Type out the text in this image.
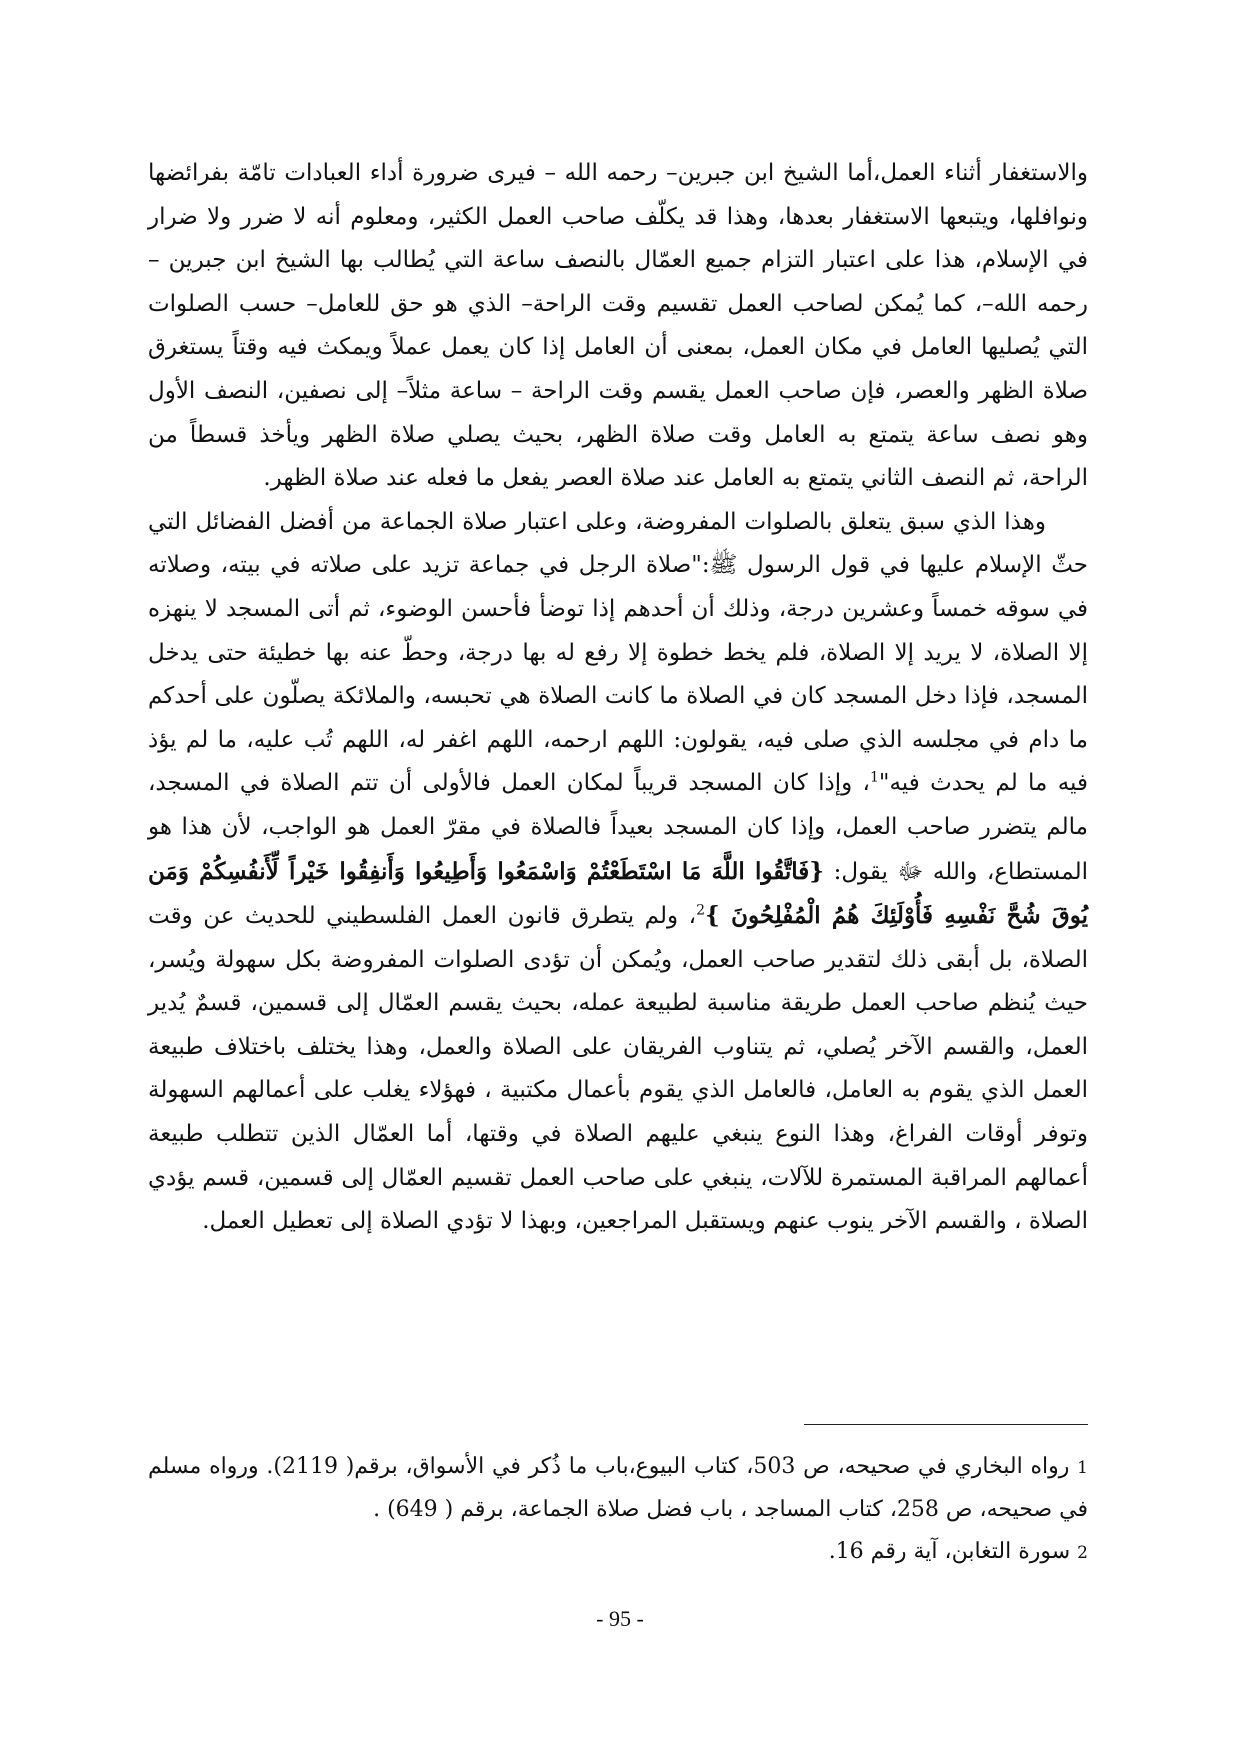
والاستغفار أثناء العمل،أما الشيخ ابن جبرين– رحمه الله – فيرى ضرورة أداء العبادات تامّة بفرائضها ونوافلها، ويتبعها الاستغفار بعدها، وهذا قد يكلّف صاحب العمل الكثير، ومعلوم أنه لا ضرر ولا ضرار في الإسلام، هذا على اعتبار التزام جميع العمّال بالنصف ساعة التي يُطالب بها الشيخ ابن جبرين –رحمه الله–، كما يُمكن لصاحب العمل تقسيم وقت الراحة– الذي هو حق للعامل– حسب الصلوات التي يُصليها العامل في مكان العمل، بمعنى أن العامل إذا كان يعمل عملاً ويمكث فيه وقتاً يستغرق صلاة الظهر والعصر، فإن صاحب العمل يقسم وقت الراحة – ساعة مثلاً– إلى نصفين، النصف الأول وهو نصف ساعة يتمتع به العامل وقت صلاة الظهر، بحيث يصلي صلاة الظهر ويأخذ قسطاً من الراحة، ثم النصف الثاني يتمتع به العامل عند صلاة العصر يفعل ما فعله عند صلاة الظهر.

وهذا الذي سبق يتعلق بالصلوات المفروضة، وعلى اعتبار صلاة الجماعة من أفضل الفضائل التي حثّ الإسلام عليها في قول الرسول ﷺ:"صلاة الرجل في جماعة تزيد على صلاته في بيته، وصلاته في سوقه خمساً وعشرين درجة، وذلك أن أحدهم إذا توضأ فأحسن الوضوء، ثم أتى المسجد لا ينهزه إلا الصلاة، لا يريد إلا الصلاة، فلم يخط خطوة إلا رفع له بها درجة، وحطّ عنه بها خطيئة حتى يدخل المسجد، فإذا دخل المسجد كان في الصلاة ما كانت الصلاة هي تحبسه، والملائكة يصلّون على أحدكم ما دام في مجلسه الذي صلى فيه، يقولون: اللهم ارحمه، اللهم اغفر له، اللهم تُب عليه، ما لم يؤذ فيه ما لم يحدث فيه"$^1$، وإذا كان المسجد قريباً لمكان العمل فالأولى أن تتم الصلاة في المسجد، مالم يتضرر صاحب العمل، وإذا كان المسجد بعيداً فالصلاة في مقرّ العمل هو الواجب، لأن هذا هو المستطاع، والله ﷻ يقول: {فَاتَّقُوا اللَّهَ مَا اسْتَطَعْتُمْ وَاسْمَعُوا وَأَطِيعُوا وَأَنفِقُوا خَيْراً لِّأَنفُسِكُمْ وَمَن يُوقَ شُحَّ نَفْسِهِ فَأُوْلَئِكَ هُمُ الْمُفْلِحُونَ }$^2$، ولم يتطرق قانون العمل الفلسطيني للحديث عن وقت الصلاة، بل أبقى ذلك لتقدير صاحب العمل، ويُمكن أن تؤدى الصلوات المفروضة بكل سهولة ويُسر، حيث يُنظم صاحب العمل طريقة مناسبة لطبيعة عمله، بحيث يقسم العمّال إلى قسمين، قسمٌ يُدير العمل، والقسم الآخر يُصلي، ثم يتناوب الفريقان على الصلاة والعمل، وهذا يختلف باختلاف طبيعة العمل الذي يقوم به العامل، فالعامل الذي يقوم بأعمال مكتبية ، فهؤلاء يغلب على أعمالهم السهولة وتوفر أوقات الفراغ، وهذا النوع ينبغي عليهم الصلاة في وقتها، أما العمّال الذين تتطلب طبيعة أعمالهم المراقبة المستمرة للآلات، ينبغي على صاحب العمل تقسيم العمّال إلى قسمين، قسم يؤدي الصلاة ، والقسم الآخر ينوب عنهم ويستقبل المراجعين، وبهذا لا تؤدي الصلاة إلى تعطيل العمل.

1 رواه البخاري في صحيحه، ص 503، كتاب البيوع،باب ما ذُكر في الأسواق، برقم( 2119). ورواه مسلم في صحيحه، ص 258، كتاب المساجد ، باب فضل صلاة الجماعة، برقم ( 649) .

2 سورة التغابن، آية رقم 16.

- 95 -
